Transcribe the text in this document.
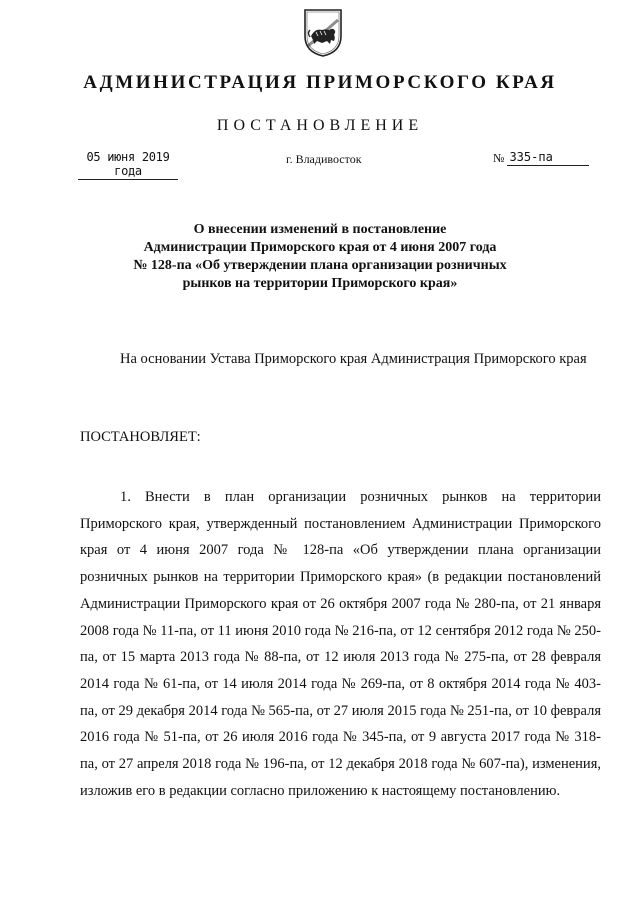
АДМИНИСТРАЦИЯ ПРИМОРСКОГО КРАЯ
ПОСТАНОВЛЕНИЕ
05 июня 2019 года
г. Владивосток	№ 335-па
О внесении изменений в постановление
Администрации Приморского края от 4 июня 2007 года
№ 128-па «Об утверждении плана организации розничных
рынков на территории Приморского края»
На основании Устава Приморского края Администрация Приморского края
ПОСТАНОВЛЯЕТ:
1. Внести в план организации розничных рынков на территории Приморского края, утвержденный постановлением Администрации Приморского края от 4 июня 2007 года № 128-па «Об утверждении плана организации розничных рынков на территории Приморского края» (в редакции постановлений Администрации Приморского края от 26 октября 2007 года № 280-па, от 21 января 2008 года № 11-па, от 11 июня 2010 года № 216-па, от 12 сентября 2012 года № 250-па, от 15 марта 2013 года № 88-па, от 12 июля 2013 года № 275-па, от 28 февраля 2014 года № 61-па, от 14 июля 2014 года № 269-па, от 8 октября 2014 года № 403-па, от 29 декабря 2014 года № 565-па, от 27 июля 2015 года № 251-па, от 10 февраля 2016 года № 51-па, от 26 июля 2016 года № 345-па, от 9 августа 2017 года № 318-па, от 27 апреля 2018 года № 196-па, от 12 декабря 2018 года № 607-па), изменения, изложив его в редакции согласно приложению к настоящему постановлению.
